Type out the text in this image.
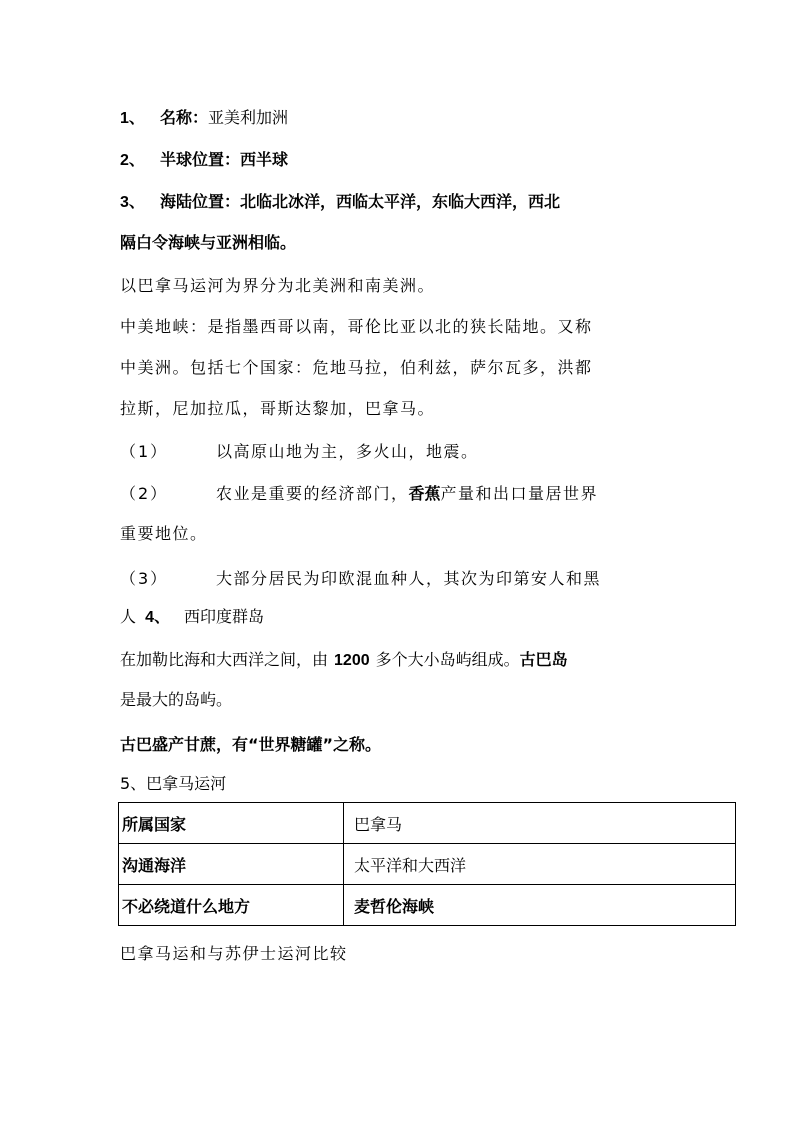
1、 名称：亚美利加洲
2、 半球位置：西半球
3、 海陆位置：北临北冰洋，西临太平洋，东临大西洋，西北
隔白令海峡与亚洲相临。
以巴拿马运河为界分为北美洲和南美洲。
中美地峡：是指墨西哥以南，哥伦比亚以北的狭长陆地。又称
中美洲。包括七个国家：危地马拉，伯利兹，萨尔瓦多，洪都
拉斯，尼加拉瓜，哥斯达黎加，巴拿马。
（1）	以高原山地为主，多火山，地震。
（2）	农业是重要的经济部门，香蕉产量和出口量居世界
重要地位。
（3）	大部分居民为印欧混血种人，其次为印第安人和黑
人 4、 西印度群岛
在加勒比海和大西洋之间，由 1200 多个大小岛屿组成。古巴岛
是最大的岛屿。
古巴盛产甘蔗，有“世界糖罐”之称。
5、巴拿马运河
所属国家	巴拿马
沟通海洋	太平洋和大西洋
不必绕道什么地方	麦哲伦海峡
巴拿马运和与苏伊士运河比较
